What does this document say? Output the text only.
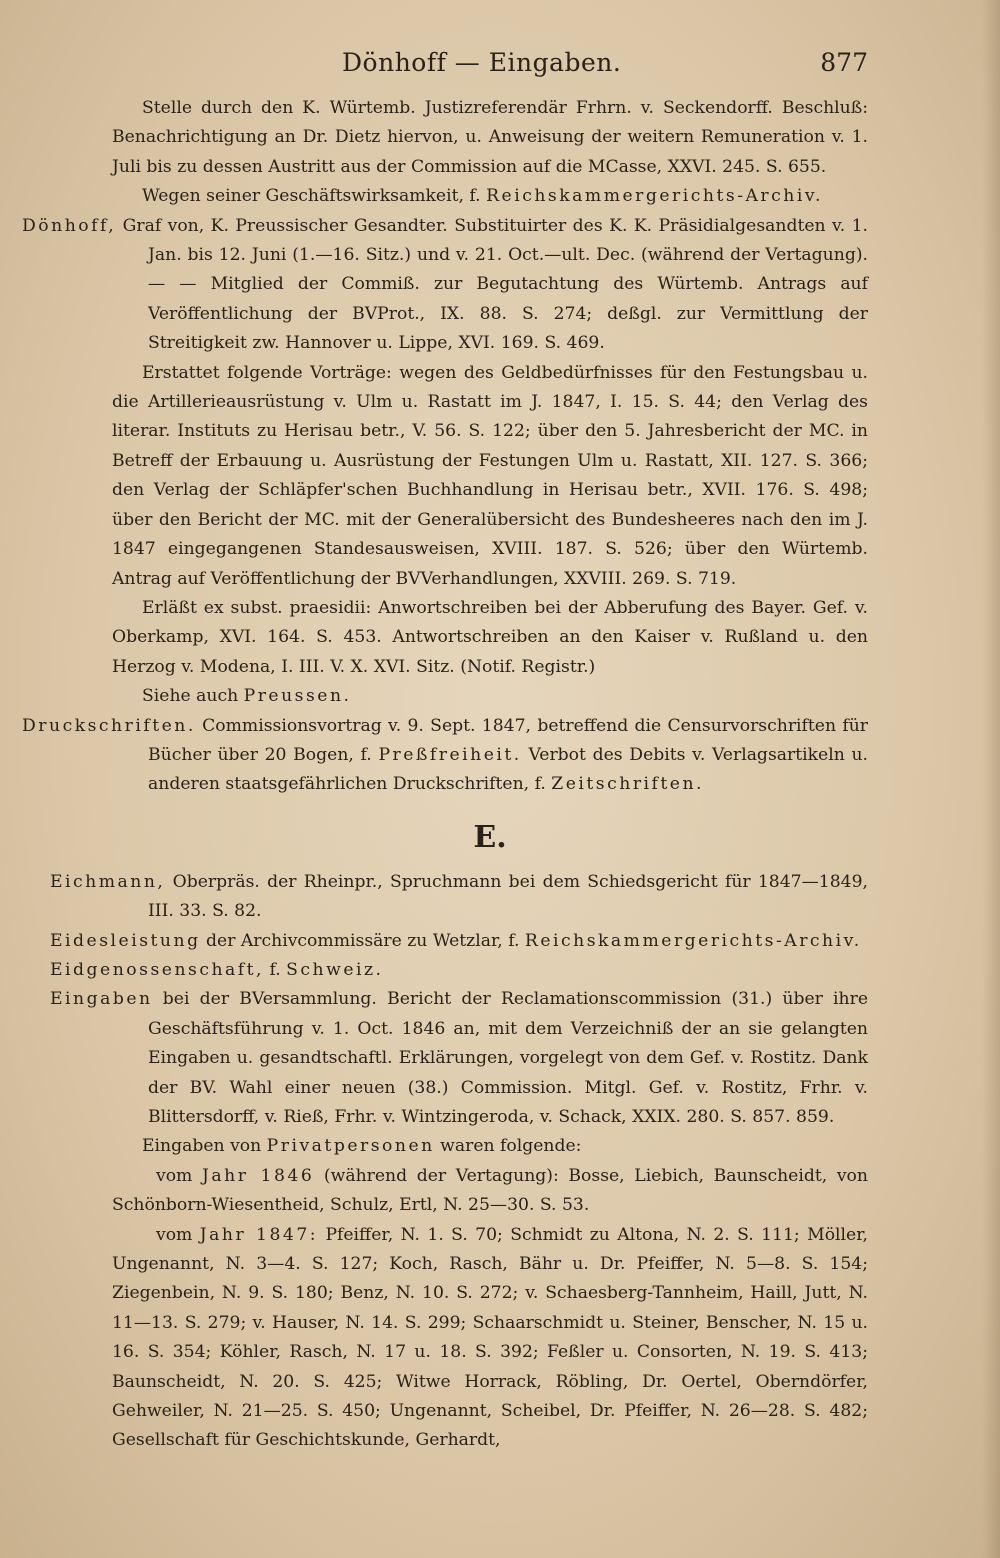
Dönhoff — Eingaben.	877

Stelle durch den K. Würtemb. Justizreferendär Frhrn. v. Seckendorff. Beschluß: Benachrichtigung an Dr. Dietz hiervon, u. Anweisung der weitern Remuneration v. 1. Juli bis zu dessen Austritt aus der Commission auf die MCasse, XXVI. 245. S. 655.

Wegen seiner Geschäftswirksamkeit, f. Reichskammergerichts-Archiv.

Dönhoff, Graf von, K. Preussischer Gesandter. Substituirter des K. K. Präsidialgesandten v. 1. Jan. bis 12. Juni (1.—16. Sitz.) und v. 21. Oct.—ult. Dec. (während der Vertagung). — — Mitglied der Commiß. zur Begutachtung des Würtemb. Antrags auf Veröffentlichung der BVProt., IX. 88. S. 274; deßgl. zur Vermittlung der Streitigkeit zw. Hannover u. Lippe, XVI. 169. S. 469.

Erstattet folgende Vorträge: wegen des Geldbedürfnisses für den Festungsbau u. die Artillerieausrüstung v. Ulm u. Rastatt im J. 1847, I. 15. S. 44; den Verlag des literar. Instituts zu Herisau betr., V. 56. S. 122; über den 5. Jahresbericht der MC. in Betreff der Erbauung u. Ausrüstung der Festungen Ulm u. Rastatt, XII. 127. S. 366; den Verlag der Schläpfer'schen Buchhandlung in Herisau betr., XVII. 176. S. 498; über den Bericht der MC. mit der Generalübersicht des Bundesheeres nach den im J. 1847 eingegangenen Standesausweisen, XVIII. 187. S. 526; über den Würtemb. Antrag auf Veröffentlichung der BVVerhandlungen, XXVIII. 269. S. 719.

Erläßt ex subst. praesidii: Anwortschreiben bei der Abberufung des Bayer. Gef. v. Oberkamp, XVI. 164. S. 453. Antwortschreiben an den Kaiser v. Rußland u. den Herzog v. Modena, I. III. V. X. XVI. Sitz. (Notif. Registr.)

Siehe auch Preussen.

Druckschriften. Commissionsvortrag v. 9. Sept. 1847, betreffend die Censurvorschriften für Bücher über 20 Bogen, f. Preßfreiheit. Verbot des Debits v. Verlagsartikeln u. anderen staatsgefährlichen Druckschriften, f. Zeitschriften.

E.

Eichmann, Oberpräs. der Rheinpr., Spruchmann bei dem Schiedsgericht für 1847—1849, III. 33. S. 82.

Eidesleistung der Archivcommissäre zu Wetzlar, f. Reichskammergerichts-Archiv.

Eidgenossenschaft, f. Schweiz.

Eingaben bei der BVersammlung. Bericht der Reclamationscommission (31.) über ihre Geschäftsführung v. 1. Oct. 1846 an, mit dem Verzeichniß der an sie gelangten Eingaben u. gesandtschaftl. Erklärungen, vorgelegt von dem Gef. v. Rostitz. Dank der BV. Wahl einer neuen (38.) Commission. Mitgl. Gef. v. Rostitz, Frhr. v. Blittersdorff, v. Rieß, Frhr. v. Wintzingeroda, v. Schack, XXIX. 280. S. 857. 859.

Eingaben von Privatpersonen waren folgende:

vom Jahr 1846 (während der Vertagung): Bosse, Liebich, Baunscheidt, von Schönborn-Wiesentheid, Schulz, Ertl, N. 25—30. S. 53.

vom Jahr 1847: Pfeiffer, N. 1. S. 70; Schmidt zu Altona, N. 2. S. 111; Möller, Ungenannt, N. 3—4. S. 127; Koch, Rasch, Bähr u. Dr. Pfeiffer, N. 5—8. S. 154; Ziegenbein, N. 9. S. 180; Benz, N. 10. S. 272; v. Schaesberg-Tannheim, Haill, Jutt, N. 11—13. S. 279; v. Hauser, N. 14. S. 299; Schaarschmidt u. Steiner, Benscher, N. 15 u. 16. S. 354; Köhler, Rasch, N. 17 u. 18. S. 392; Feßler u. Consorten, N. 19. S. 413; Baunscheidt, N. 20. S. 425; Witwe Horrack, Röbling, Dr. Oertel, Oberndörfer, Gehweiler, N. 21—25. S. 450; Ungenannt, Scheibel, Dr. Pfeiffer, N. 26—28. S. 482; Gesellschaft für Geschichtskunde, Gerhardt,
